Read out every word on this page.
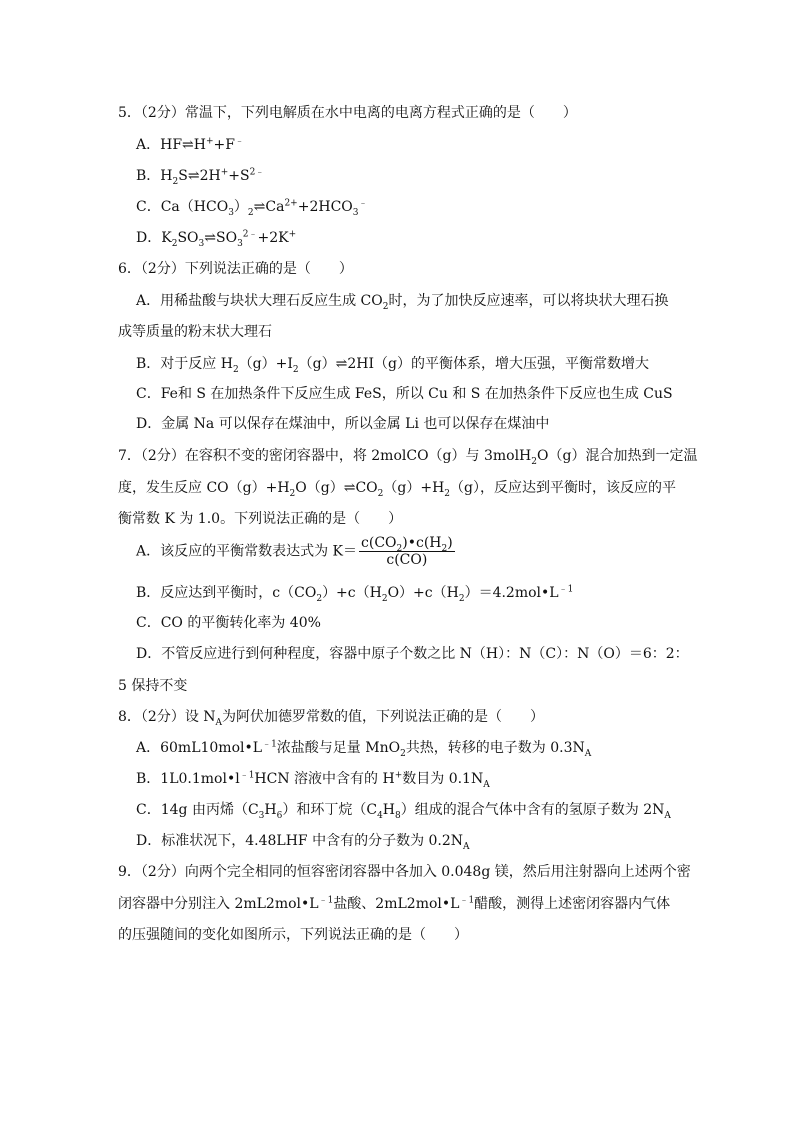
5．（2分）常温下，下列电解质在水中电离的电离方程式正确的是（　　）
A．HF⇌H++F﹣
B．$H_2S\rightleftharpoons 2H^++S^{2﹣}$
C．$Ca(HCO_3)_2\rightleftharpoons Ca^{2+}+2HCO_3^﹣$
D．$K_2SO_3\rightleftharpoons SO_3^{2﹣}+2K^+$
6．（2分）下列说法正确的是（　　）
A．用稀盐酸与块状大理石反应生成 $CO_2$时，为了加快反应速率，可以将块状大理石换
成等质量的粉末状大理石
B．对于反应 $H_2(g)+I_2(g)\rightleftharpoons 2HI(g)$的平衡体系，增大压强，平衡常数增大
C．Fe和 S 在加热条件下反应生成 FeS，所以 Cu 和 S 在加热条件下反应也生成 CuS
D．金属 Na 可以保存在煤油中，所以金属 Li 也可以保存在煤油中
7．（2分）在容积不变的密闭容器中，将 2molCO（g）与 3molH$_2$O（g）混合加热到一定温
度，发生反应 $CO(g)+H_2O(g)\rightleftharpoons CO_2(g)+H_2(g)$，反应达到平衡时，该反应的平
衡常数 K 为 1.0。下列说法正确的是（　　）
A．该反应的平衡常数表达式为 $K= \frac{c(CO_2)•c(H_2)}{c(CO)}$
B．反应达到平衡时，$c(CO_2)+c(H_2O)+c(H_2)=4.2mol•L^{﹣1}$
C．CO 的平衡转化率为 40%
D．不管反应进行到何种程度，容器中原子个数之比 N（H）：N（C）：N（O）＝6：2：
5 保持不变
8．（2分）设 $N_A$为阿伏加德罗常数的值，下列说法正确的是（　　）
A．$60mL10mol•L^{﹣1}$浓盐酸与足量 MnO$_2$共热，转移的电子数为 $0.3N_A$
B．$1L0.1mol•l^{﹣1}HCN$ 溶液中含有的 H+数目为 $0.1N_A$
C．14g 由丙烯$(C_3H_6)$和环丁烷$(C_4H_8)$组成的混合气体中含有的氢原子数为 $2N_A$
D．标准状况下，4.48LHF 中含有的分子数为 $0.2N_A$
9．（2分）向两个完全相同的恒容密闭容器中各加入 0.048g 镁，然后用注射器向上述两个密
闭容器中分别注入 $2mL2mol•L^{﹣1}$盐酸、$2mL2mol•L^{﹣1}$醋酸，测得上述密闭容器内气体
的压强随间的变化如图所示，下列说法正确的是（　　）
